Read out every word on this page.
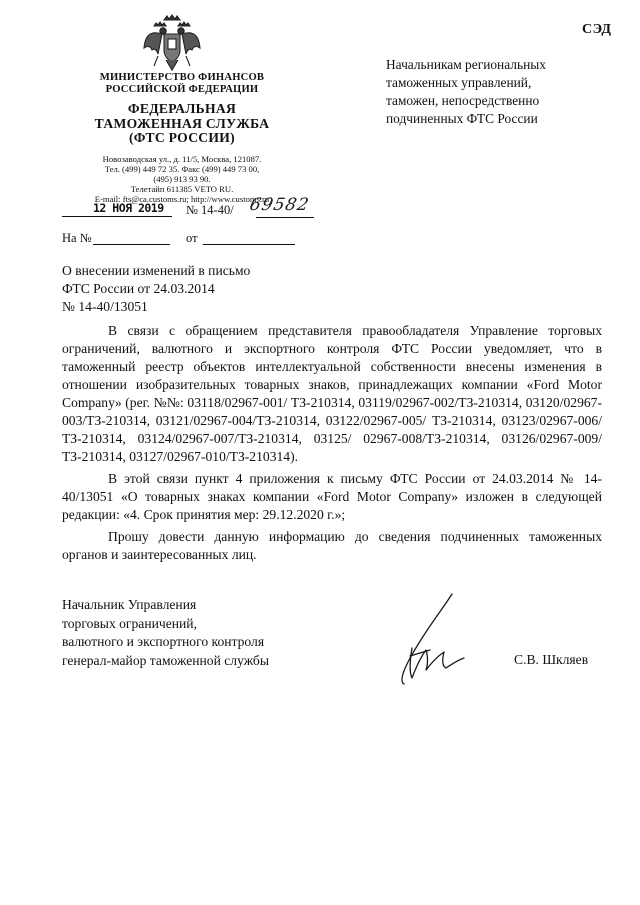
СЭД
МИНИСТЕРСТВО ФИНАНСОВ
РОССИЙСКОЙ ФЕДЕРАЦИИ
ФЕДЕРАЛЬНАЯ
ТАМОЖЕННАЯ СЛУЖБА
(ФТС РОССИИ)
Новозаводская ул., д. 11/5, Москва, 121087.
Тел. (499) 449 72 35. Факс (499) 449 73 00,
(495) 913 93 90.
Телетайп 611385 VETO RU.
E-mail: fts@ca.customs.ru; http://www.customs.ru
12 НОЯ 2019 № 14-40/ 69582
На №	от
Начальникам региональных
таможенных управлений,
таможен, непосредственно
подчиненных ФТС России
О внесении изменений в письмо
ФТС России от 24.03.2014
№ 14-40/13051

В связи с обращением представителя правообладателя Управление торговых ограничений, валютного и экспортного контроля ФТС России уведомляет, что в таможенный реестр объектов интеллектуальной собственности внесены изменения в отношении изобразительных товарных знаков, принадлежащих компании «Ford Motor Company» (рег. №№: 03118/02967-001/ ТЗ-210314, 03119/02967-002/ТЗ-210314, 03120/02967-003/ТЗ-210314, 03121/02967-004/ТЗ-210314, 03122/02967-005/ ТЗ-210314, 03123/02967-006/ТЗ-210314, 03124/02967-007/ТЗ-210314, 03125/ 02967-008/ТЗ-210314, 03126/02967-009/ ТЗ-210314, 03127/02967-010/ТЗ-210314).

В этой связи пункт 4 приложения к письму ФТС России от 24.03.2014 № 14-40/13051 «О товарных знаках компании «Ford Motor Company» изложен в следующей редакции: «4. Срок принятия мер: 29.12.2020 г.»;

Прошу довести данную информацию до сведения подчиненных таможенных органов и заинтересованных лиц.

Начальник Управления
торговых ограничений,
валютного и экспортного контроля
генерал-майор таможенной службы	С.В. Шкляев
